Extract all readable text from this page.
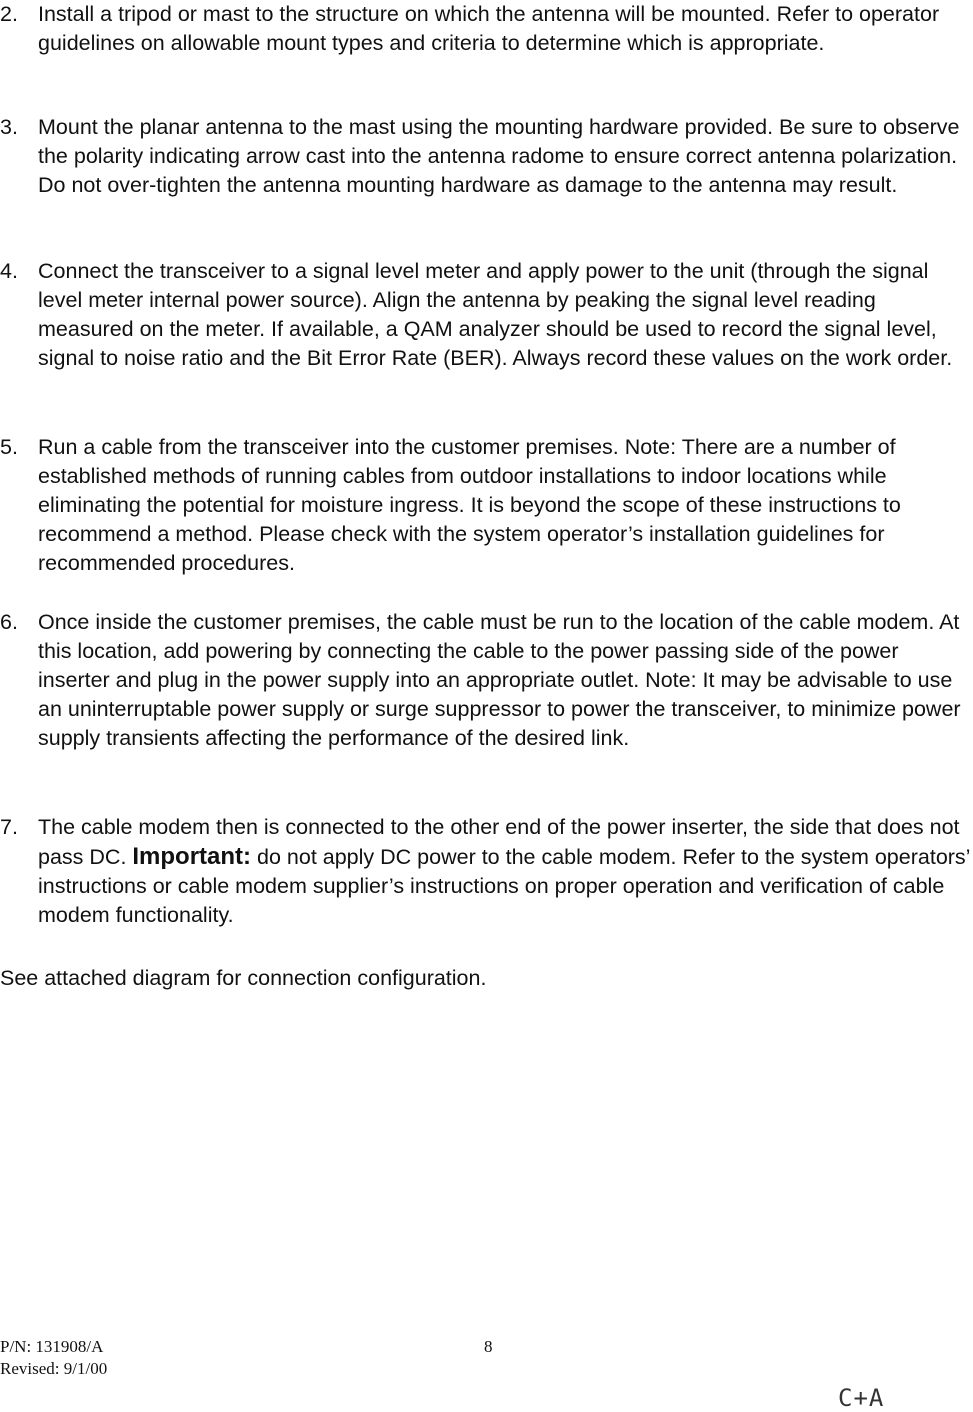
2. Install a tripod or mast to the structure on which the antenna will be mounted. Refer to operator guidelines on allowable mount types and criteria to determine which is appropriate.
3. Mount the planar antenna to the mast using the mounting hardware provided. Be sure to observe the polarity indicating arrow cast into the antenna radome to ensure correct antenna polarization. Do not over-tighten the antenna mounting hardware as damage to the antenna may result.
4. Connect the transceiver to a signal level meter and apply power to the unit (through the signal level meter internal power source). Align the antenna by peaking the signal level reading measured on the meter. If available, a QAM analyzer should be used to record the signal level, signal to noise ratio and the Bit Error Rate (BER). Always record these values on the work order.
5. Run a cable from the transceiver into the customer premises. Note: There are a number of established methods of running cables from outdoor installations to indoor locations while eliminating the potential for moisture ingress. It is beyond the scope of these instructions to recommend a method. Please check with the system operator’s installation guidelines for recommended procedures.
6. Once inside the customer premises, the cable must be run to the location of the cable modem. At this location, add powering by connecting the cable to the power passing side of the power inserter and plug in the power supply into an appropriate outlet. Note: It may be advisable to use an uninterruptable power supply or surge suppressor to power the transceiver, to minimize power supply transients affecting the performance of the desired link.
7. The cable modem then is connected to the other end of the power inserter, the side that does not pass DC. Important: do not apply DC power to the cable modem. Refer to the system operators’ instructions or cable modem supplier’s instructions on proper operation and verification of cable modem functionality.
See attached diagram for connection configuration.
P/N: 131908/A
Revised: 9/1/00
8
C+A
